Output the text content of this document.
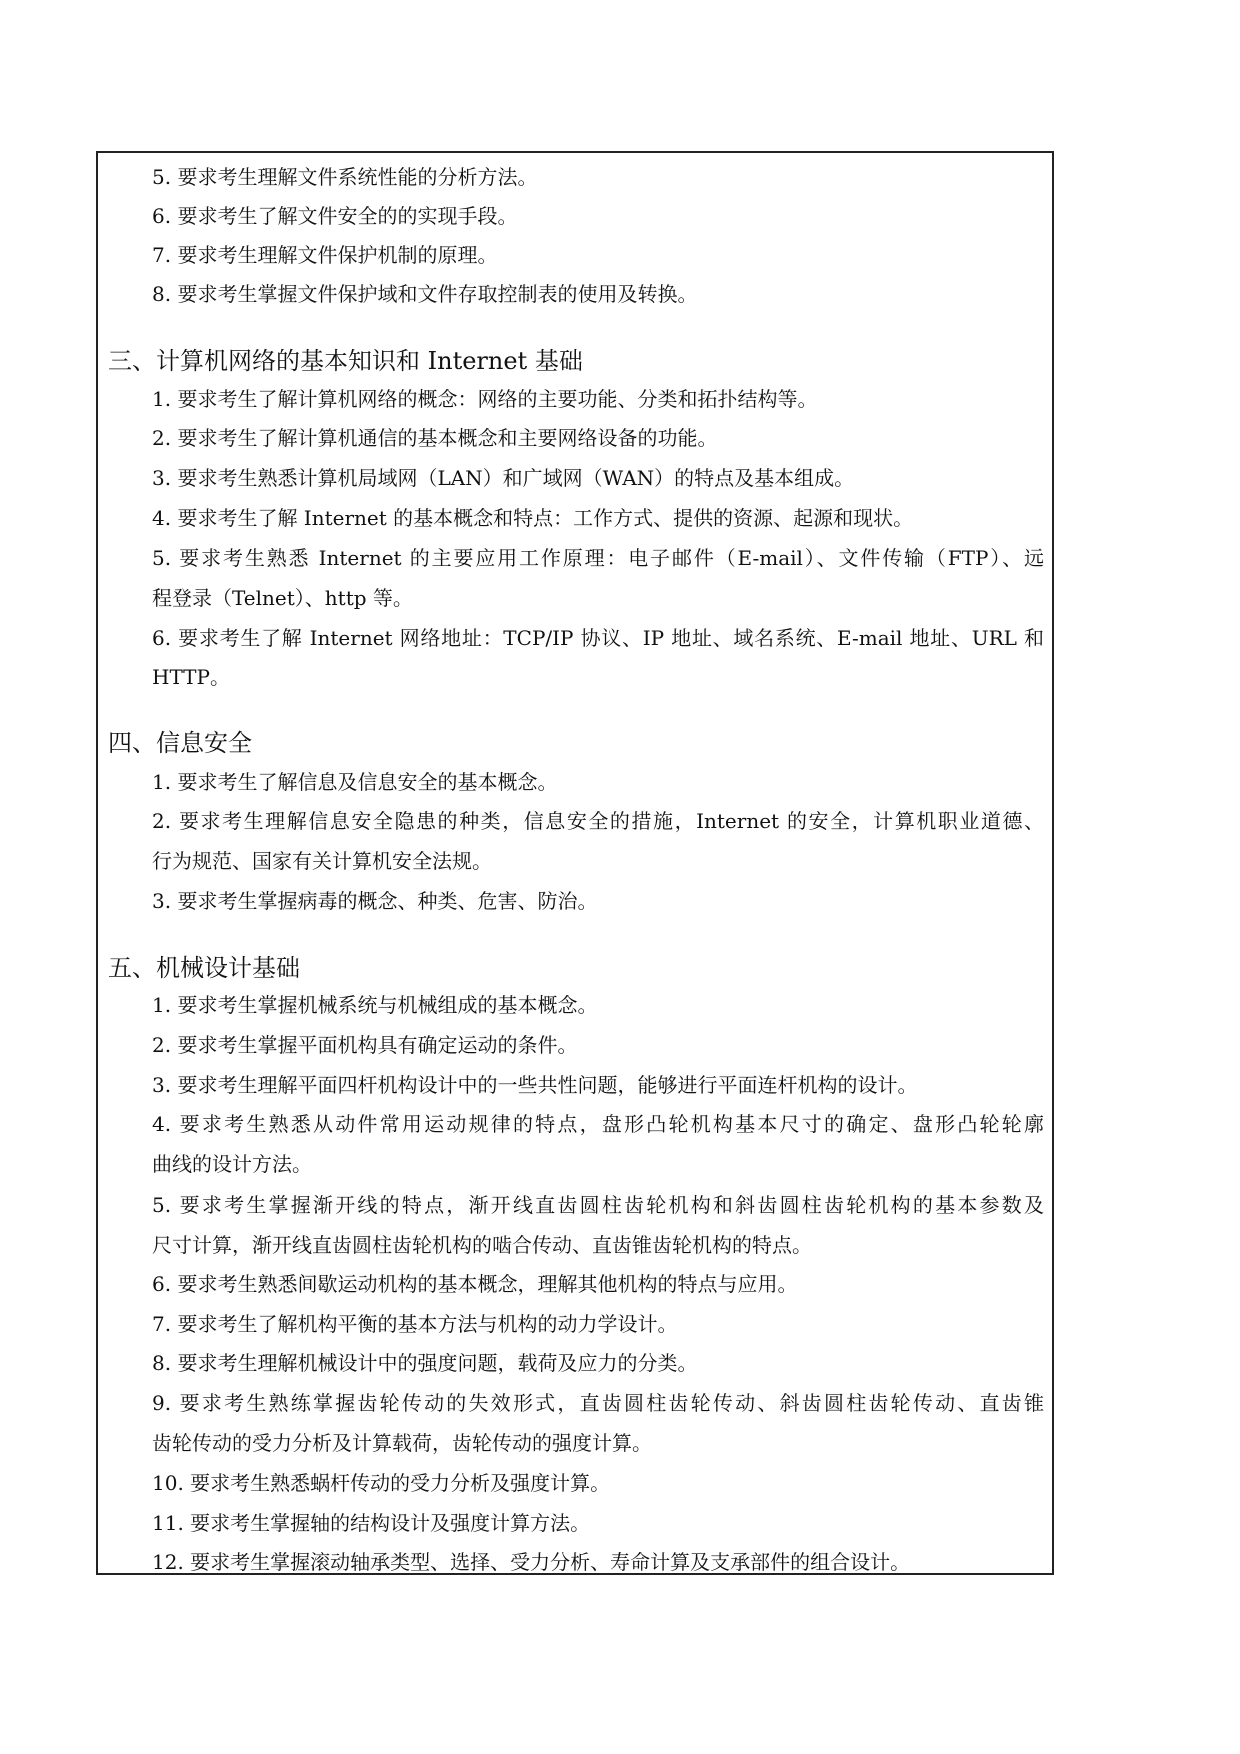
5. 要求考生理解文件系统性能的分析方法。
6. 要求考生了解文件安全的的实现手段。
7. 要求考生理解文件保护机制的原理。
8. 要求考生掌握文件保护域和文件存取控制表的使用及转换。
三、计算机网络的基本知识和 Internet 基础
1. 要求考生了解计算机网络的概念：网络的主要功能、分类和拓扑结构等。
2. 要求考生了解计算机通信的基本概念和主要网络设备的功能。
3. 要求考生熟悉计算机局域网（LAN）和广域网（WAN）的特点及基本组成。
4. 要求考生了解 Internet 的基本概念和特点：工作方式、提供的资源、起源和现状。
5. 要求考生熟悉 Internet 的主要应用工作原理：电子邮件（E-mail）、文件传输（FTP）、远
程登录（Telnet）、http 等。
6. 要求考生了解 Internet 网络地址：TCP/IP 协议、IP 地址、域名系统、E-mail 地址、URL 和
HTTP。
四、信息安全
1. 要求考生了解信息及信息安全的基本概念。
2. 要求考生理解信息安全隐患的种类，信息安全的措施，Internet 的安全，计算机职业道德、
行为规范、国家有关计算机安全法规。
3. 要求考生掌握病毒的概念、种类、危害、防治。
五、机械设计基础
1. 要求考生掌握机械系统与机械组成的基本概念。
2. 要求考生掌握平面机构具有确定运动的条件。
3. 要求考生理解平面四杆机构设计中的一些共性问题，能够进行平面连杆机构的设计。
4. 要求考生熟悉从动件常用运动规律的特点，盘形凸轮机构基本尺寸的确定、盘形凸轮轮廓
曲线的设计方法。
5. 要求考生掌握渐开线的特点，渐开线直齿圆柱齿轮机构和斜齿圆柱齿轮机构的基本参数及
尺寸计算，渐开线直齿圆柱齿轮机构的啮合传动、直齿锥齿轮机构的特点。
6. 要求考生熟悉间歇运动机构的基本概念，理解其他机构的特点与应用。
7. 要求考生了解机构平衡的基本方法与机构的动力学设计。
8. 要求考生理解机械设计中的强度问题，载荷及应力的分类。
9. 要求考生熟练掌握齿轮传动的失效形式，直齿圆柱齿轮传动、斜齿圆柱齿轮传动、直齿锥
齿轮传动的受力分析及计算载荷，齿轮传动的强度计算。
10. 要求考生熟悉蜗杆传动的受力分析及强度计算。
11. 要求考生掌握轴的结构设计及强度计算方法。
12. 要求考生掌握滚动轴承类型、选择、受力分析、寿命计算及支承部件的组合设计。
